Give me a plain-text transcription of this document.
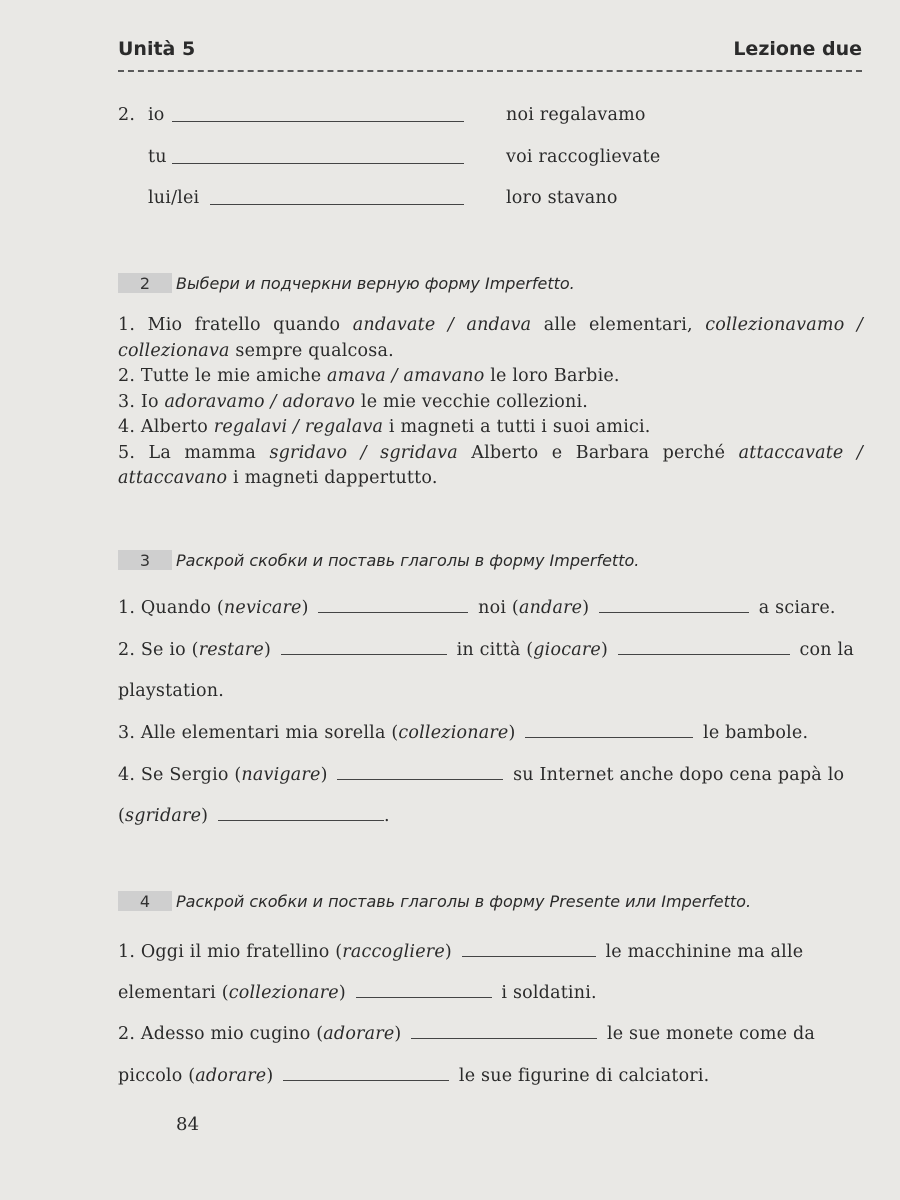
Unità 5	Lezione due
2. io	noi regalavamo
tu	voi raccoglievate
lui/lei	loro stavano
2	Выбери и подчеркни верную форму Imperfetto.

1. Mio fratello quando andavate / andava alle elementari, collezionavamo / collezionava sempre qualcosa.

2. Tutte le mie amiche amava / amavano le loro Barbie.

3. Io adoravamo / adoravo le mie vecchie collezioni.

4. Alberto regalavi / regalava i magneti a tutti i suoi amici.

5. La mamma sgridavo / sgridava Alberto e Barbara perché attaccavate / attaccavano i magneti dappertutto.

3	Раскрой скобки и поставь глаголы в форму Imperfetto.
1. Quando (nevicare)	noi (andare)	a sciare.
2. Se io (restare)	in città (giocare)	con la
playstation.
3. Alle elementari mia sorella (collezionare)	le bambole.
4. Se Sergio (navigare)	su Internet anche dopo cena papà lo
(sgridare)	.
4	Раскрой скобки и поставь глаголы в форму Presente или Imperfetto.
1. Oggi il mio fratellino (raccogliere)	le macchinine ma alle
elementari (collezionare)	i soldatini.
2. Adesso mio cugino (adorare)	le sue monete come da
piccolo (adorare)	le sue figurine di calciatori.
84
